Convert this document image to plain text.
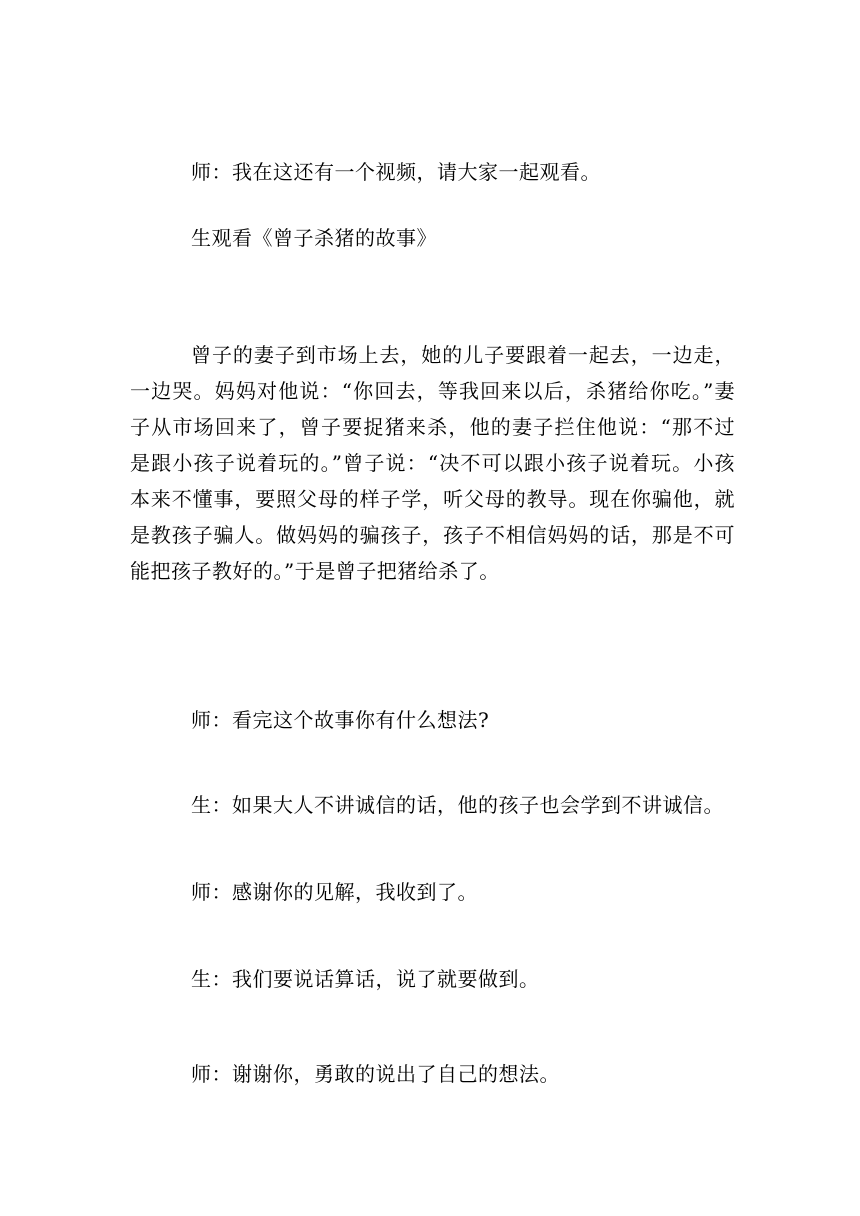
师：我在这还有一个视频，请大家一起观看。

生观看《曾子杀猪的故事》

曾子的妻子到市场上去，她的儿子要跟着一起去，一边走，一边哭。妈妈对他说：“你回去，等我回来以后，杀猪给你吃。”妻子从市场回来了，曾子要捉猪来杀，他的妻子拦住他说：“那不过是跟小孩子说着玩的。”曾子说：“决不可以跟小孩子说着玩。小孩本来不懂事，要照父母的样子学，听父母的教导。现在你骗他，就是教孩子骗人。做妈妈的骗孩子，孩子不相信妈妈的话，那是不可能把孩子教好的。”于是曾子把猪给杀了。

师：看完这个故事你有什么想法?

生：如果大人不讲诚信的话，他的孩子也会学到不讲诚信。

师：感谢你的见解，我收到了。

生：我们要说话算话，说了就要做到。

师：谢谢你，勇敢的说出了自己的想法。
